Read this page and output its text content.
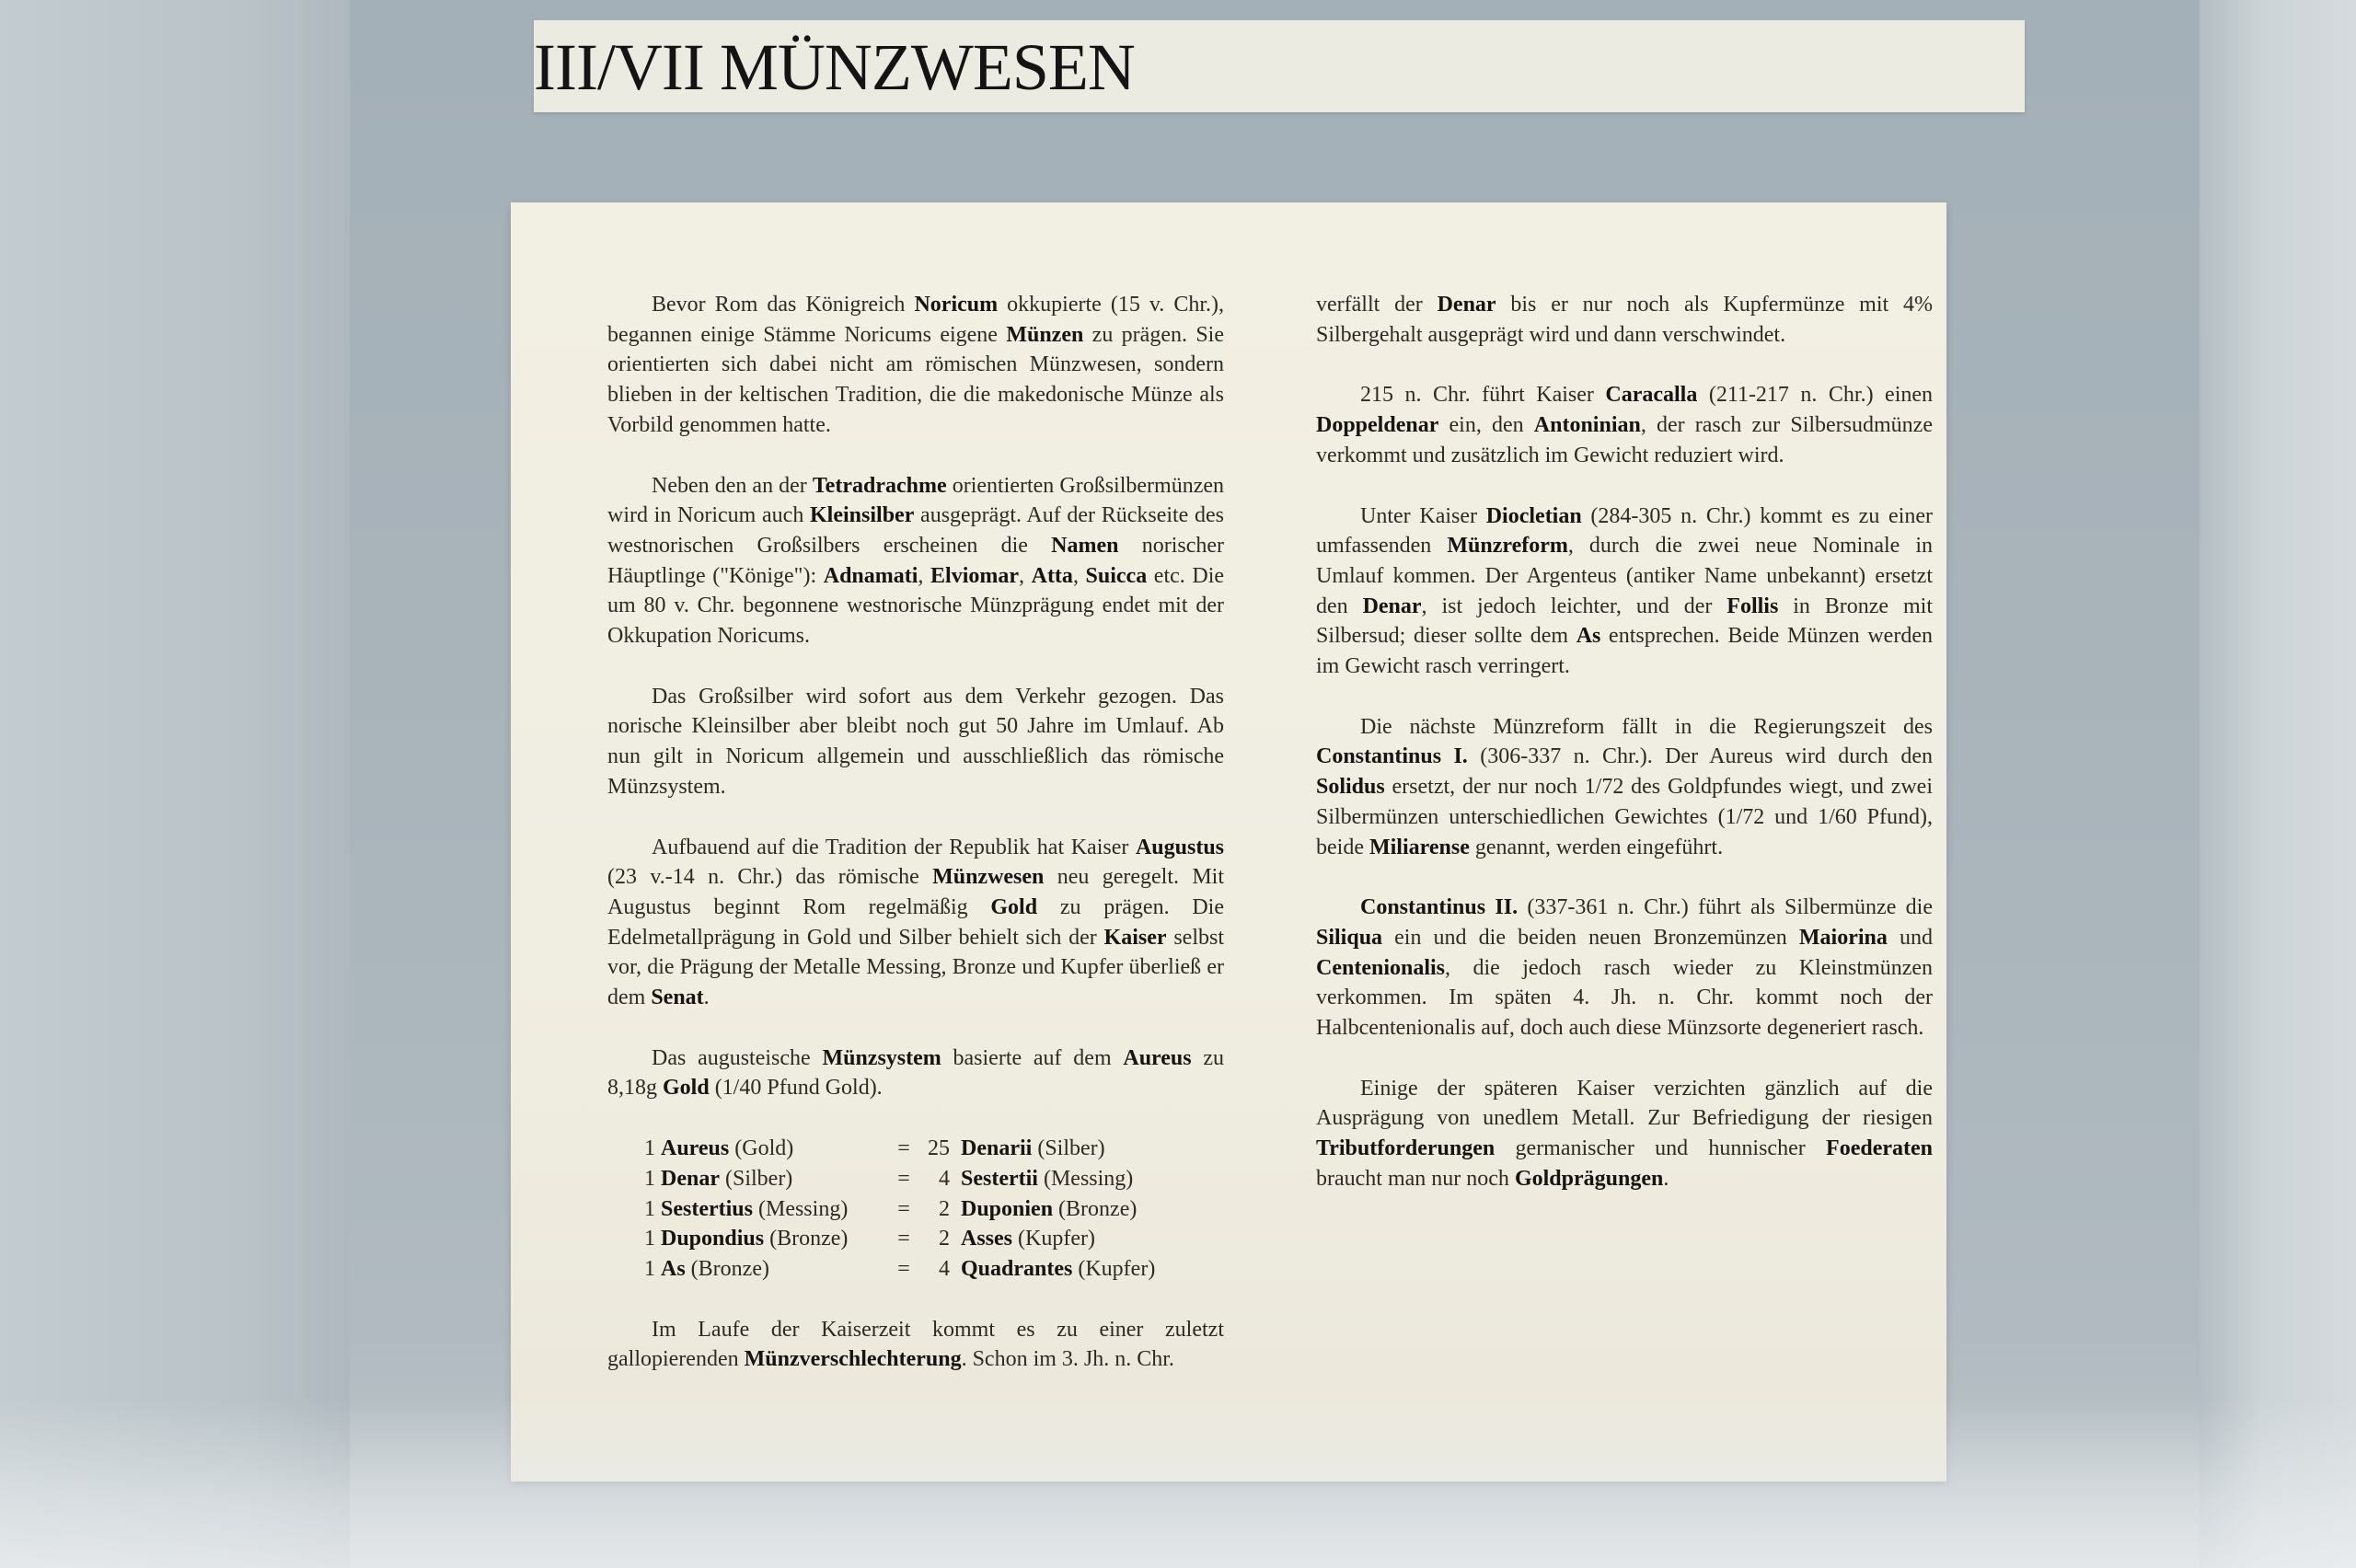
III/VII MÜNZWESEN

Bevor Rom das Königreich Noricum okkupierte (15 v. Chr.), begannen einige Stämme Noricums eigene Münzen zu prägen. Sie orientierten sich dabei nicht am römischen Münzwesen, sondern blieben in der keltischen Tradition, die die makedonische Münze als Vorbild genommen hatte.

Neben den an der Tetradrachme orientierten Großsilbermünzen wird in Noricum auch Kleinsilber ausgeprägt. Auf der Rückseite des westnorischen Großsilbers erscheinen die Namen norischer Häuptlinge ("Könige"): Adnamati, Elviomar, Atta, Suicca etc. Die um 80 v. Chr. begonnene westnorische Münzprägung endet mit der Okkupation Noricums.

Das Großsilber wird sofort aus dem Verkehr gezogen. Das norische Kleinsilber aber bleibt noch gut 50 Jahre im Umlauf. Ab nun gilt in Noricum allgemein und ausschließlich das römische Münzsystem.

Aufbauend auf die Tradition der Republik hat Kaiser Augustus (23 v.-14 n. Chr.) das römische Münzwesen neu geregelt. Mit Augustus beginnt Rom regelmäßig Gold zu prägen. Die Edelmetallprägung in Gold und Silber behielt sich der Kaiser selbst vor, die Prägung der Metalle Messing, Bronze und Kupfer überließ er dem Senat.

Das augusteische Münzsystem basierte auf dem Aureus zu 8,18g Gold (1/40 Pfund Gold).

1 Aureus (Gold)	=	25	Denarii (Silber)
1 Denar (Silber)	=	4	Sestertii (Messing)
1 Sestertius (Messing)	=	2	Duponien (Bronze)
1 Dupondius (Bronze)	=	2	Asses (Kupfer)
1 As (Bronze)	=	4	Quadrantes (Kupfer)

Im Laufe der Kaiserzeit kommt es zu einer zuletzt gallopierenden Münzverschlechterung. Schon im 3. Jh. n. Chr.

verfällt der Denar bis er nur noch als Kupfermünze mit 4% Silbergehalt ausgeprägt wird und dann verschwindet.

215 n. Chr. führt Kaiser Caracalla (211-217 n. Chr.) einen Doppeldenar ein, den Antoninian, der rasch zur Silbersudmünze verkommt und zusätzlich im Gewicht reduziert wird.

Unter Kaiser Diocletian (284-305 n. Chr.) kommt es zu einer umfassenden Münzreform, durch die zwei neue Nominale in Umlauf kommen. Der Argenteus (antiker Name unbekannt) ersetzt den Denar, ist jedoch leichter, und der Follis in Bronze mit Silbersud; dieser sollte dem As entsprechen. Beide Münzen werden im Gewicht rasch verringert.

Die nächste Münzreform fällt in die Regierungszeit des Constantinus I. (306-337 n. Chr.). Der Aureus wird durch den Solidus ersetzt, der nur noch 1/72 des Goldpfundes wiegt, und zwei Silbermünzen unterschiedlichen Gewichtes (1/72 und 1/60 Pfund), beide Miliarense genannt, werden eingeführt.

Constantinus II. (337-361 n. Chr.) führt als Silbermünze die Siliqua ein und die beiden neuen Bronzemünzen Maiorina und Centenionalis, die jedoch rasch wieder zu Kleinstmünzen verkommen. Im späten 4. Jh. n. Chr. kommt noch der Halbcentenionalis auf, doch auch diese Münzsorte degeneriert rasch.

Einige der späteren Kaiser verzichten gänzlich auf die Ausprägung von unedlem Metall. Zur Befriedigung der riesigen Tributforderungen germanischer und hunnischer Foederaten braucht man nur noch Goldprägungen.
